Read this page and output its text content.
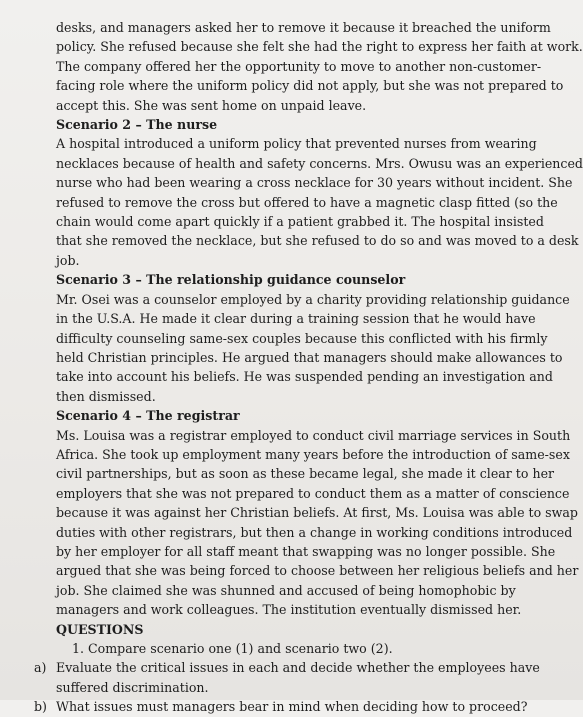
desks, and managers asked her to remove it because it breached the uniform
policy. She refused because she felt she had the right to express her faith at work.
The company offered her the opportunity to move to another non-customer-
facing role where the uniform policy did not apply, but she was not prepared to
accept this. She was sent home on unpaid leave.
Scenario 2 – The nurse
A hospital introduced a uniform policy that prevented nurses from wearing
necklaces because of health and safety concerns. Mrs. Owusu was an experienced
nurse who had been wearing a cross necklace for 30 years without incident. She
refused to remove the cross but offered to have a magnetic clasp fitted (so the
chain would come apart quickly if a patient grabbed it. The hospital insisted
that she removed the necklace, but she refused to do so and was moved to a desk
job.
Scenario 3 – The relationship guidance counselor
Mr. Osei was a counselor employed by a charity providing relationship guidance
in the U.S.A. He made it clear during a training session that he would have
difficulty counseling same-sex couples because this conflicted with his firmly
held Christian principles. He argued that managers should make allowances to
take into account his beliefs. He was suspended pending an investigation and
then dismissed.
Scenario 4 – The registrar
Ms. Louisa was a registrar employed to conduct civil marriage services in South
Africa. She took up employment many years before the introduction of same-sex
civil partnerships, but as soon as these became legal, she made it clear to her
employers that she was not prepared to conduct them as a matter of conscience
because it was against her Christian beliefs. At first, Ms. Louisa was able to swap
duties with other registrars, but then a change in working conditions introduced
by her employer for all staff meant that swapping was no longer possible. She
argued that she was being forced to choose between her religious beliefs and her
job. She claimed she was shunned and accused of being homophobic by
managers and work colleagues. The institution eventually dismissed her.
QUESTIONS
1. Compare scenario one (1) and scenario two (2).
a) Evaluate the critical issues in each and decide whether the employees have
suffered discrimination.
b) What issues must managers bear in mind when deciding how to proceed?
